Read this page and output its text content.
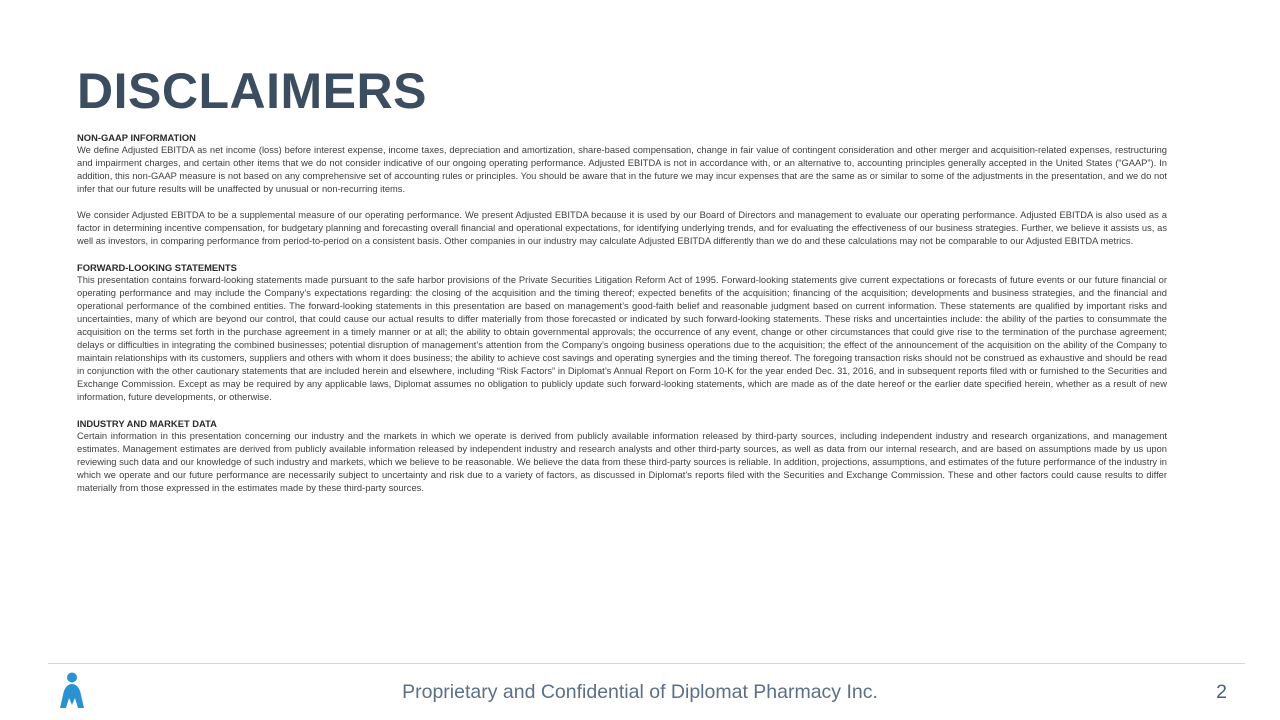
DISCLAIMERS
NON-GAAP INFORMATION

We define Adjusted EBITDA as net income (loss) before interest expense, income taxes, depreciation and amortization, share-based compensation, change in fair value of contingent consideration and other merger and acquisition-related expenses, restructuring and impairment charges, and certain other items that we do not consider indicative of our ongoing operating performance. Adjusted EBITDA is not in accordance with, or an alternative to, accounting principles generally accepted in the United States (“GAAP”). In addition, this non-GAAP measure is not based on any comprehensive set of accounting rules or principles. You should be aware that in the future we may incur expenses that are the same as or similar to some of the adjustments in the presentation, and we do not infer that our future results will be unaffected by unusual or non-recurring items.

We consider Adjusted EBITDA to be a supplemental measure of our operating performance. We present Adjusted EBITDA because it is used by our Board of Directors and management to evaluate our operating performance. Adjusted EBITDA is also used as a factor in determining incentive compensation, for budgetary planning and forecasting overall financial and operational expectations, for identifying underlying trends, and for evaluating the effectiveness of our business strategies. Further, we believe it assists us, as well as investors, in comparing performance from period-to-period on a consistent basis. Other companies in our industry may calculate Adjusted EBITDA differently than we do and these calculations may not be comparable to our Adjusted EBITDA metrics.

FORWARD-LOOKING STATEMENTS

This presentation contains forward-looking statements made pursuant to the safe harbor provisions of the Private Securities Litigation Reform Act of 1995. Forward-looking statements give current expectations or forecasts of future events or our future financial or operating performance and may include the Company’s expectations regarding: the closing of the acquisition and the timing thereof; expected benefits of the acquisition; financing of the acquisition; developments and business strategies, and the financial and operational performance of the combined entities. The forward-looking statements in this presentation are based on management’s good-faith belief and reasonable judgment based on current information. These statements are qualified by important risks and uncertainties, many of which are beyond our control, that could cause our actual results to differ materially from those forecasted or indicated by such forward-looking statements. These risks and uncertainties include: the ability of the parties to consummate the acquisition on the terms set forth in the purchase agreement in a timely manner or at all; the ability to obtain governmental approvals; the occurrence of any event, change or other circumstances that could give rise to the termination of the purchase agreement; delays or difficulties in integrating the combined businesses; potential disruption of management’s attention from the Company’s ongoing business operations due to the acquisition; the effect of the announcement of the acquisition on the ability of the Company to maintain relationships with its customers, suppliers and others with whom it does business; the ability to achieve cost savings and operating synergies and the timing thereof. The foregoing transaction risks should not be construed as exhaustive and should be read in conjunction with the other cautionary statements that are included herein and elsewhere, including “Risk Factors” in Diplomat’s Annual Report on Form 10-K for the year ended Dec. 31, 2016, and in subsequent reports filed with or furnished to the Securities and Exchange Commission. Except as may be required by any applicable laws, Diplomat assumes no obligation to publicly update such forward-looking statements, which are made as of the date hereof or the earlier date specified herein, whether as a result of new information, future developments, or otherwise.

INDUSTRY AND MARKET DATA

Certain information in this presentation concerning our industry and the markets in which we operate is derived from publicly available information released by third-party sources, including independent industry and research organizations, and management estimates. Management estimates are derived from publicly available information released by independent industry and research analysts and other third-party sources, as well as data from our internal research, and are based on assumptions made by us upon reviewing such data and our knowledge of such industry and markets, which we believe to be reasonable. We believe the data from these third-party sources is reliable. In addition, projections, assumptions, and estimates of the future performance of the industry in which we operate and our future performance are necessarily subject to uncertainty and risk due to a variety of factors, as discussed in Diplomat’s reports filed with the Securities and Exchange Commission. These and other factors could cause results to differ materially from those expressed in the estimates made by these third-party sources.

Proprietary and Confidential of Diplomat Pharmacy Inc.	2
